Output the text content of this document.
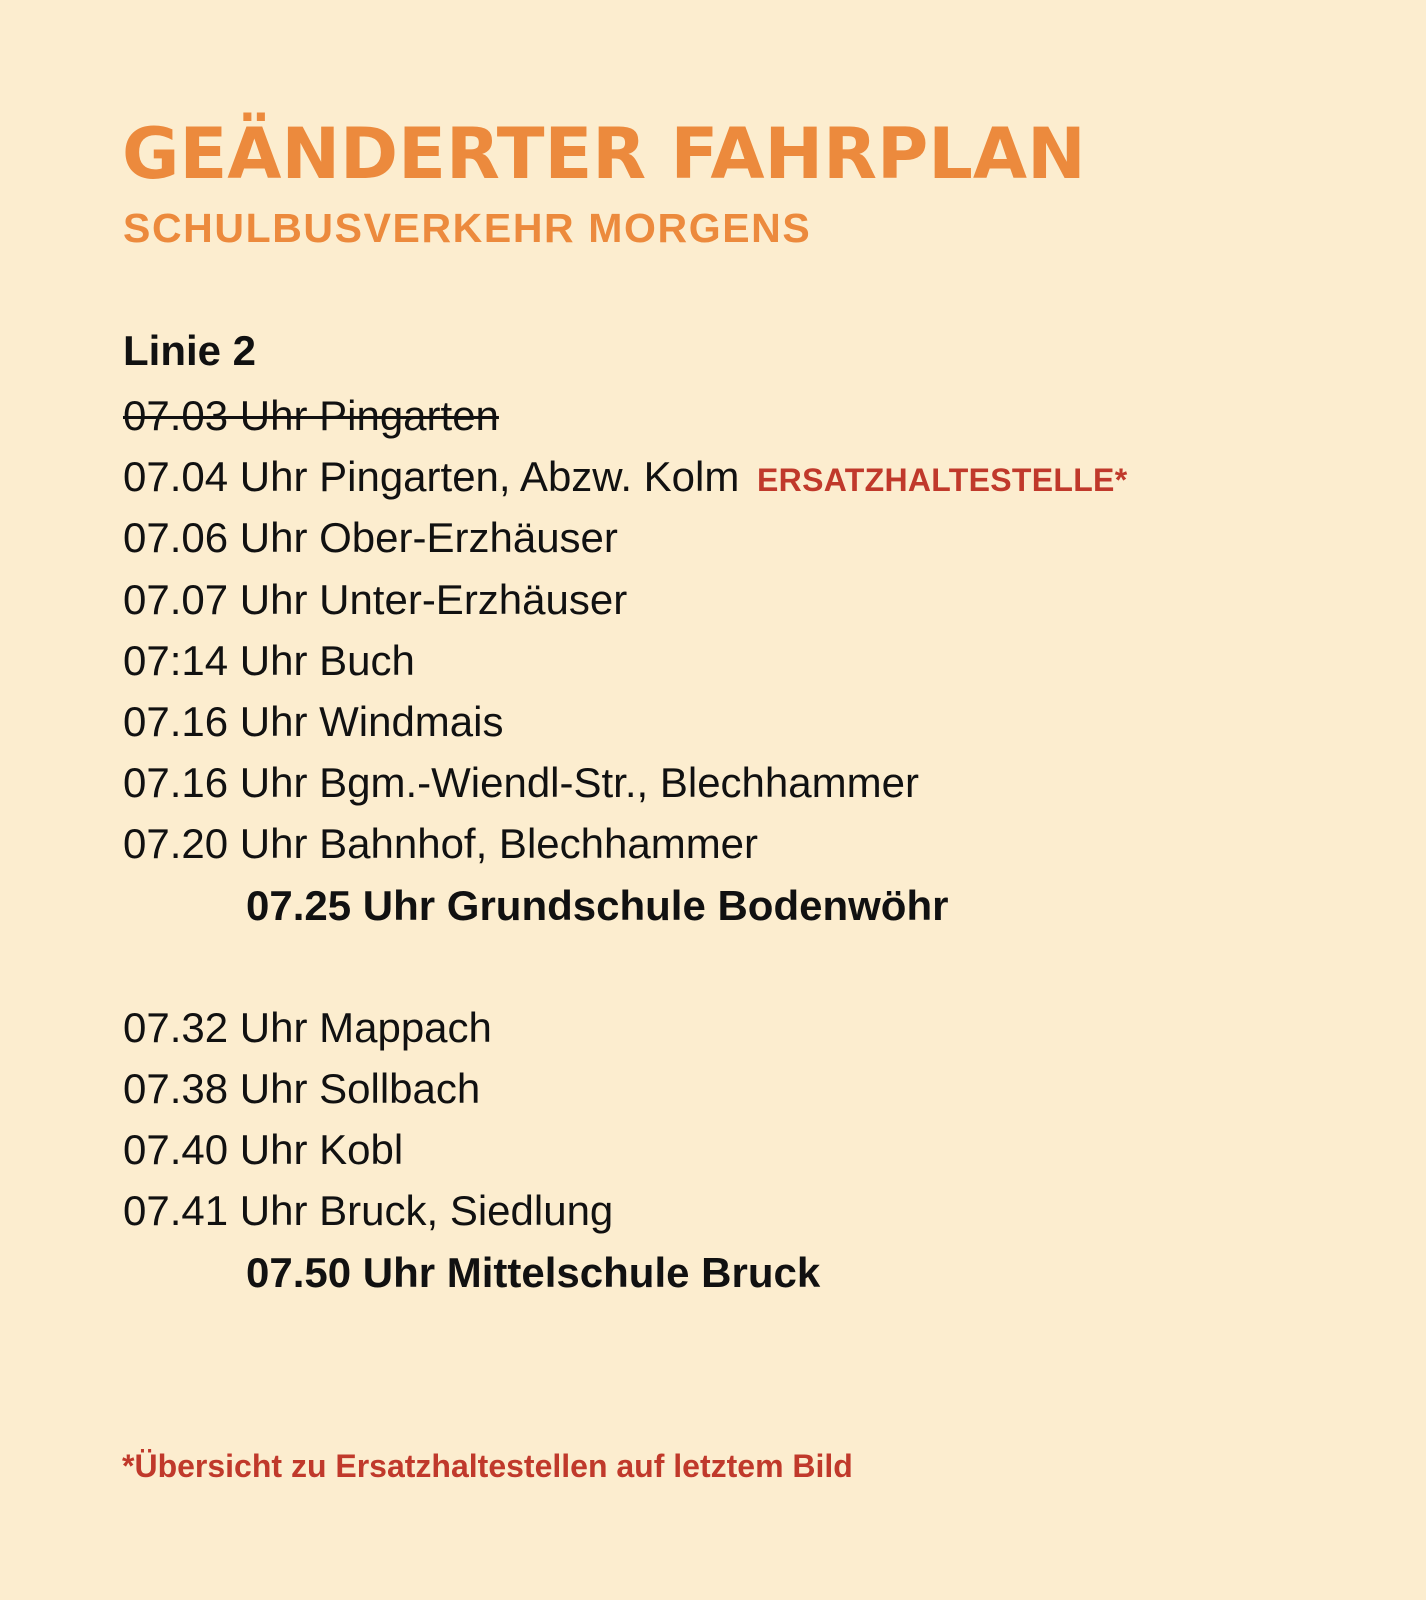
GEÄNDERTER FAHRPLAN
SCHULBUSVERKEHR MORGENS
Linie 2
07.03 Uhr Pingarten
07.04 Uhr Pingarten, Abzw. Kolm ERSATZHALTESTELLE*
07.06 Uhr Ober-Erzhäuser
07.07 Uhr Unter-Erzhäuser
07:14 Uhr Buch
07.16 Uhr Windmais
07.16 Uhr Bgm.-Wiendl-Str., Blechhammer
07.20 Uhr Bahnhof, Blechhammer
07.25 Uhr Grundschule Bodenwöhr
07.32 Uhr Mappach
07.38 Uhr Sollbach
07.40 Uhr Kobl
07.41 Uhr Bruck, Siedlung
07.50 Uhr Mittelschule Bruck

*Übersicht zu Ersatzhaltestellen auf letztem Bild
